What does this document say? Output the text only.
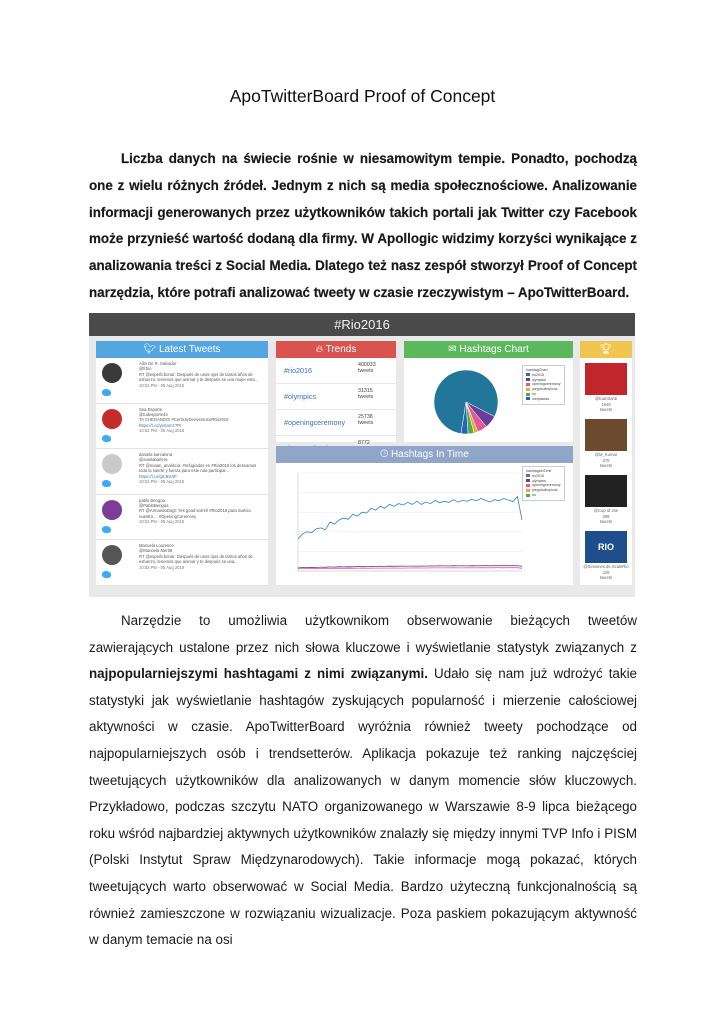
ApoTwitterBoard Proof of Concept

Liczba danych na świecie rośnie w niesamowitym tempie. Ponadto, pochodzą one z wielu różnych źródeł. Jednym z nich są media społecznościowe. Analizowanie informacji generowanych przez użytkowników takich portali jak Twitter czy Facebook może przynieść wartość dodaną dla firmy. W Apollogic widzimy korzyści wynikające z analizowania treści z Social Media. Dlatego też nasz zespół stworzył Proof of Concept narzędzia, które potrafi analizować tweety w czasie rzeczywistym – ApoTwitterBoard.

#Rio2016
🐦︎ Latest Tweets
Ailin De R. Salvador
@frbio
RT @esperb.bonar: Después de unos ojos de tantos años de esfuerzo, tenemos que animar y te después se una mujer esto...
10:53 PM - 05 Aug 2016
Sea Esporte
@tudesporte44
TA CHEGANDO! #CertoJeDeAventura#Rio2016
https://t.co/yeSom1?PI
10:53 PM - 05 Aug 2016
daniela barcalona
@anielabarlera
RT @noaan_analiscia: #refugiados en #Rio2016 los deseamos toda la suerte y fuerza para este ruta participar...
https://t.co/grt.Bvt4P
10:53 PM - 05 Aug 2016
pablo Bengoa
@PabloBengoa
RT @ArmandoDogt: Yes good sorrel! #Rio2016 para Suécia nuestra ... #OpeningCeremony
10:53 PM - 05 Aug 2016
Manuela Lourence
@Manoela Mer08
RT @esperb.bonar: Después de unos ojos de tantos años de esfuerzo, tenemos que animar y te después se una...
10:53 PM - 05 Aug 2016
🔥︎ Trends
#rio2016
400033
tweets
#olympics
31315
tweets
#openingceremony
25738
tweets
8772
✉ Hashtags Chart
hashtagChart
rio2016
olympics
openingceremony
juegosolimpicos
rio
olimpiadas
🕒︎ Hashtags In Time
hashtagsInTime
rio2016
olympics
openingceremony
juegosolimpicos
rio
🏆︎
@tuanSanti
1946
tweets
@M_Kumar
375
tweets
@Cup of Joe
308
tweets
RIO
@Sesiones.de.ScaleRio
229
tweets

Narzędzie to umożliwia użytkownikom obserwowanie bieżących tweetów zawierających ustalone przez nich słowa kluczowe i wyświetlanie statystyk związanych z najpopularniejszymi hashtagami z nimi związanymi. Udało się nam już wdrożyć takie statystyki jak wyświetlanie hashtagów zyskujących popularność i mierzenie całościowej aktywności w czasie. ApoTwitterBoard wyróżnia również tweety pochodzące od najpopularniejszych osób i trendsetterów. Aplikacja pokazuje też ranking najczęściej tweetujących użytkowników dla analizowanych w danym momencie słów kluczowych. Przykładowo, podczas szczytu NATO organizowanego w Warszawie 8-9 lipca bieżącego roku wśród najbardziej aktywnych użytkowników znalazły się między innymi TVP Info i PISM (Polski Instytut Spraw Międzynarodowych). Takie informacje mogą pokazać, których tweetujących warto obserwować w Social Media. Bardzo użyteczną funkcjonalnością są również zamieszczone w rozwiązaniu wizualizacje. Poza paskiem pokazującym aktywność w danym temacie na osi
